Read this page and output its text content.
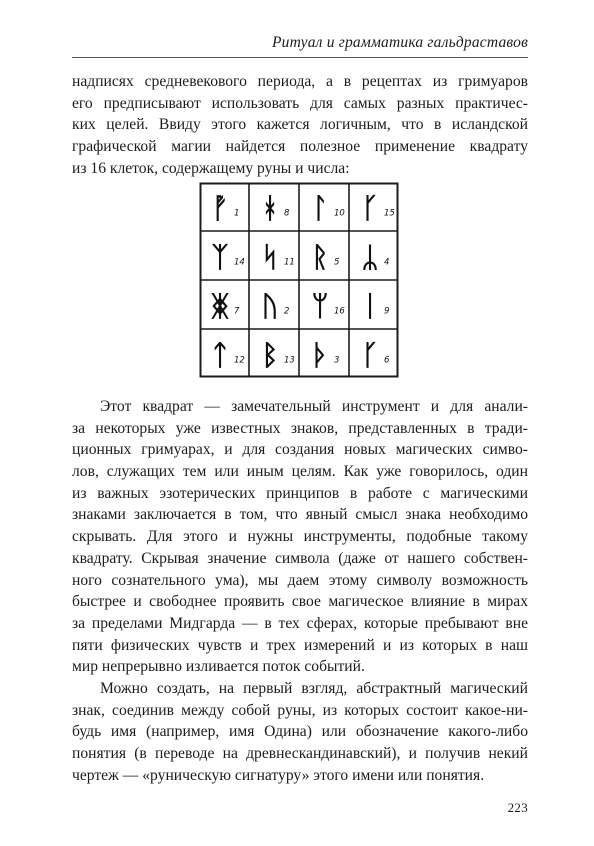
Ритуал и грамматика гальдраставов
надписях средневекового периода, а в рецептах из гримуаров
его предписывают использовать для самых разных практичес-
ких целей. Ввиду этого кажется логичным, что в исландской
графической магии найдется полезное применение квадрату
из 16 клеток, содержащему руны и числа:
ᚡ 1 ᚼ 8 ᛚ 10 ᚴ 15
ᛉ 14 ᛋ 11 ᚱ 5 ᛦ 4
ᛤ 7 ᚢ 2 ᛘ 16 ᛁ 9
ᛏ 12 ᛒ 13 ᚦ 3 ᚴ 6
Этот квадрат — замечательный инструмент и для анали-
за некоторых уже известных знаков, представленных в тради-
ционных гримуарах, и для создания новых магических симво-
лов, служащих тем или иным целям. Как уже говорилось, один
из важных эзотерических принципов в работе с магическими
знаками заключается в том, что явный смысл знака необходимо
скрывать. Для этого и нужны инструменты, подобные такому
квадрату. Скрывая значение символа (даже от нашего собствен-
ного сознательного ума), мы даем этому символу возможность
быстрее и свободнее проявить свое магическое влияние в мирах
за пределами Мидгарда — в тех сферах, которые пребывают вне
пяти физических чувств и трех измерений и из которых в наш
мир непрерывно изливается поток событий.
Можно создать, на первый взгляд, абстрактный магический
знак, соединив между собой руны, из которых состоит какое-ни-
будь имя (например, имя Одина) или обозначение какого-либо
понятия (в переводе на древнескандинавский), и получив некий
чертеж — «руническую сигнатуру» этого имени или понятия.
223
